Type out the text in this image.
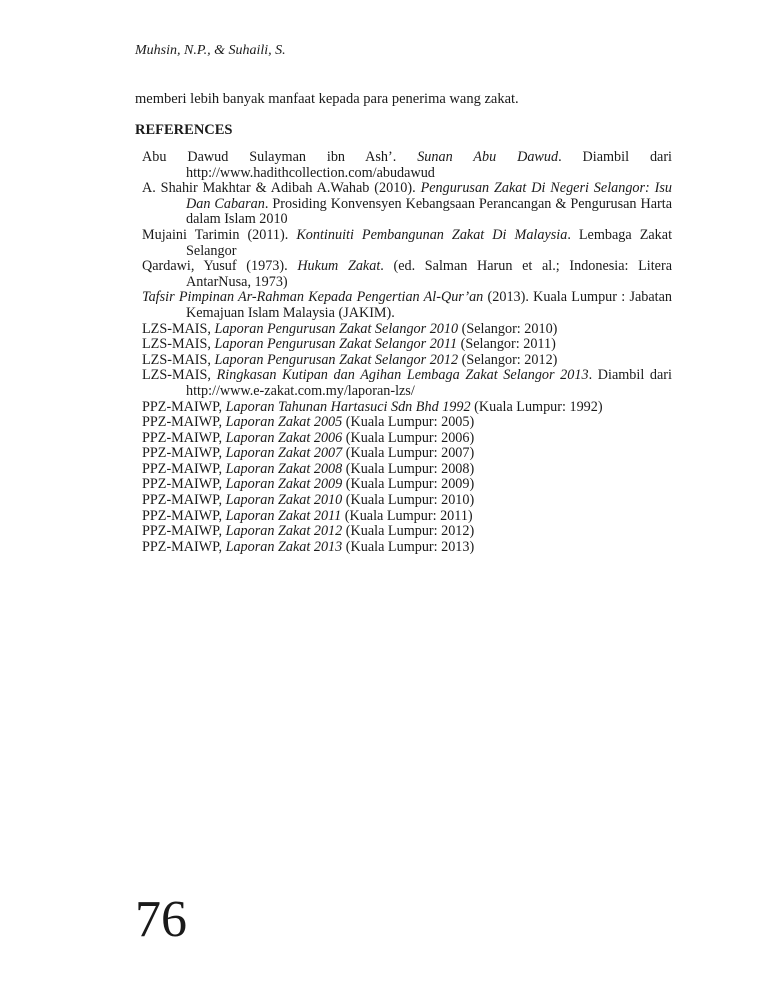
Muhsin, N.P., & Suhaili, S.
memberi lebih banyak manfaat kepada para penerima wang zakat.
REFERENCES

Abu Dawud Sulayman ibn Ash’. Sunan Abu Dawud. Diambil dari http://www.hadithcollection.com/abudawud

A. Shahir Makhtar & Adibah A.Wahab (2010). Pengurusan Zakat Di Negeri Selangor: Isu Dan Cabaran. Prosiding Konvensyen Kebangsaan Perancangan & Pengurusan Harta dalam Islam 2010

Mujaini Tarimin (2011). Kontinuiti Pembangunan Zakat Di Malaysia. Lembaga Zakat Selangor

Qardawi, Yusuf (1973). Hukum Zakat. (ed. Salman Harun et al.; Indonesia: Litera AntarNusa, 1973)

Tafsir Pimpinan Ar-Rahman Kepada Pengertian Al-Qur’an (2013). Kuala Lumpur : Jabatan Kemajuan Islam Malaysia (JAKIM).

LZS-MAIS, Laporan Pengurusan Zakat Selangor 2010 (Selangor: 2010)

LZS-MAIS, Laporan Pengurusan Zakat Selangor 2011 (Selangor: 2011)

LZS-MAIS, Laporan Pengurusan Zakat Selangor 2012 (Selangor: 2012)

LZS-MAIS, Ringkasan Kutipan dan Agihan Lembaga Zakat Selangor 2013. Diambil dari http://www.e-zakat.com.my/laporan-lzs/

PPZ-MAIWP, Laporan Tahunan Hartasuci Sdn Bhd 1992 (Kuala Lumpur: 1992)

PPZ-MAIWP, Laporan Zakat 2005 (Kuala Lumpur: 2005)

PPZ-MAIWP, Laporan Zakat 2006 (Kuala Lumpur: 2006)

PPZ-MAIWP, Laporan Zakat 2007 (Kuala Lumpur: 2007)

PPZ-MAIWP, Laporan Zakat 2008 (Kuala Lumpur: 2008)

PPZ-MAIWP, Laporan Zakat 2009 (Kuala Lumpur: 2009)

PPZ-MAIWP, Laporan Zakat 2010 (Kuala Lumpur: 2010)

PPZ-MAIWP, Laporan Zakat 2011 (Kuala Lumpur: 2011)

PPZ-MAIWP, Laporan Zakat 2012 (Kuala Lumpur: 2012)

PPZ-MAIWP, Laporan Zakat 2013 (Kuala Lumpur: 2013)

76
